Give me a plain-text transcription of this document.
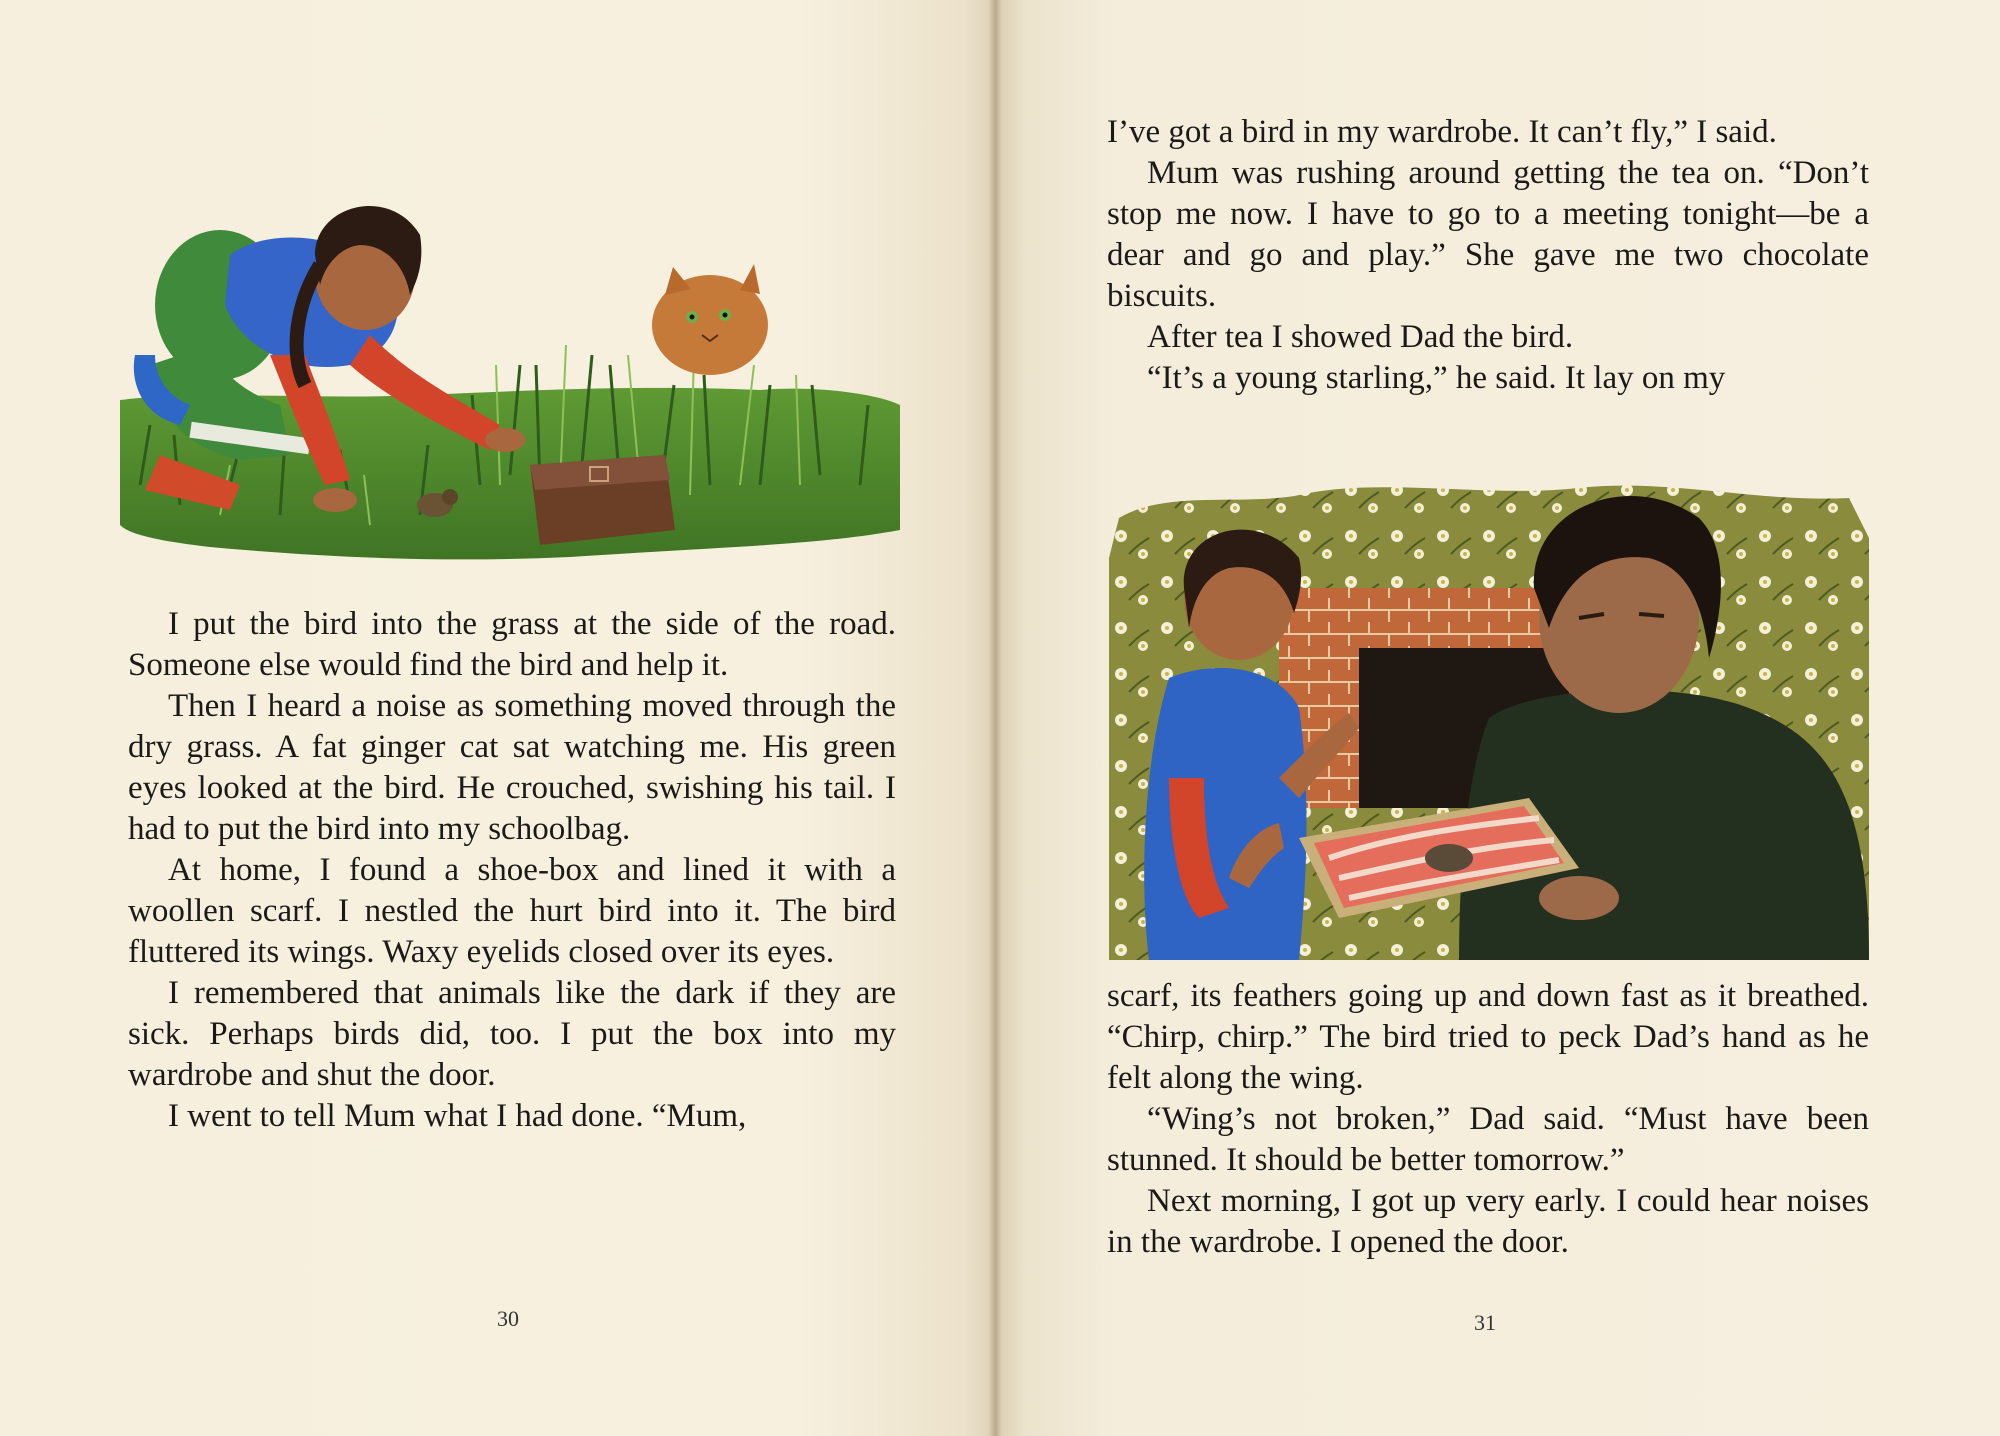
I put the bird into the grass at the side of the road. Someone else would find the bird and help it.

Then I heard a noise as something moved through the dry grass. A fat ginger cat sat watching me. His green eyes looked at the bird. He crouched, swishing his tail. I had to put the bird into my schoolbag.

At home, I found a shoe-box and lined it with a woollen scarf. I nestled the hurt bird into it. The bird fluttered its wings. Waxy eyelids closed over its eyes.

I remembered that animals like the dark if they are sick. Perhaps birds did, too. I put the box into my wardrobe and shut the door.

I went to tell Mum what I had done. “Mum,

30

I’ve got a bird in my wardrobe. It can’t fly,” I said.

Mum was rushing around getting the tea on. “Don’t stop me now. I have to go to a meeting tonight—be a dear and go and play.” She gave me two chocolate biscuits.

After tea I showed Dad the bird.

“It’s a young starling,” he said. It lay on my

scarf, its feathers going up and down fast as it breathed. “Chirp, chirp.” The bird tried to peck Dad’s hand as he felt along the wing.

“Wing’s not broken,” Dad said. “Must have been stunned. It should be better tomorrow.”

Next morning, I got up very early. I could hear noises in the wardrobe. I opened the door.

31
